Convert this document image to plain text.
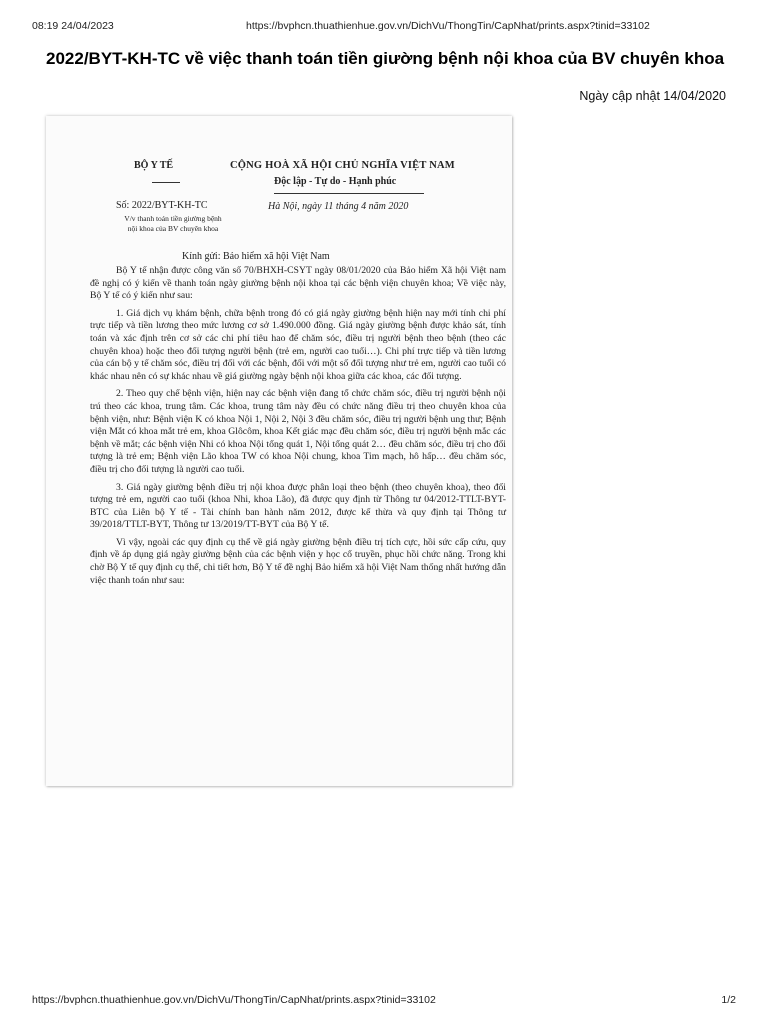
08:19 24/04/2023	https://bvphcn.thuathienhue.gov.vn/DichVu/ThongTin/CapNhat/prints.aspx?tinid=33102
2022/BYT-KH-TC về việc thanh toán tiền giường bệnh nội khoa của BV chuyên khoa
Ngày cập nhật 14/04/2020
BỘ Y TẾ	CỘNG HOÀ XÃ HỘI CHỦ NGHĨA VIỆT NAM
Độc lập - Tự do - Hạnh phúc
Số: 2022/BYT-KH-TC
V/v thanh toán tiền giường bệnh
nội khoa của BV chuyên khoa
Hà Nội, ngày 11 tháng 4 năm 2020
Kính gửi: Bảo hiểm xã hội Việt Nam

Bộ Y tế nhận được công văn số 70/BHXH-CSYT ngày 08/01/2020 của Bảo hiểm Xã hội Việt nam đề nghị có ý kiến về thanh toán ngày giường bệnh nội khoa tại các bệnh viện chuyên khoa; Về việc này, Bộ Y tế có ý kiến như sau:

1. Giá dịch vụ khám bệnh, chữa bệnh trong đó có giá ngày giường bệnh hiện nay mới tính chi phí trực tiếp và tiền lương theo mức lương cơ sở 1.490.000 đồng. Giá ngày giường bệnh được khảo sát, tính toán và xác định trên cơ sở các chi phí tiêu hao để chăm sóc, điều trị người bệnh theo bệnh (theo các chuyên khoa) hoặc theo đối tượng người bệnh (trẻ em, người cao tuổi…). Chi phí trực tiếp và tiền lương của cán bộ y tế chăm sóc, điều trị đối với các bệnh, đối với một số đối tượng như trẻ em, người cao tuổi có khác nhau nên có sự khác nhau về giá giường ngày bệnh nội khoa giữa các khoa, các đối tượng.

2. Theo quy chế bệnh viện, hiện nay các bệnh viện đang tổ chức chăm sóc, điều trị người bệnh nội trú theo các khoa, trung tâm. Các khoa, trung tâm này đều có chức năng điều trị theo chuyên khoa của bệnh viện, như: Bệnh viện K có khoa Nội 1, Nội 2, Nội 3 đều chăm sóc, điều trị người bệnh ung thư; Bệnh viện Mắt có khoa mắt trẻ em, khoa Glôcôm, khoa Kết giác mạc đều chăm sóc, điều trị người bệnh mắc các bệnh về mắt; các bệnh viện Nhi có khoa Nội tổng quát 1, Nội tổng quát 2… đều chăm sóc, điều trị cho đối tượng là trẻ em; Bệnh viện Lão khoa TW có khoa Nội chung, khoa Tim mạch, hô hấp… đều chăm sóc, điều trị cho đối tượng là người cao tuổi.

3. Giá ngày giường bệnh điều trị nội khoa được phân loại theo bệnh (theo chuyên khoa), theo đối tượng trẻ em, người cao tuổi (khoa Nhi, khoa Lão), đã được quy định từ Thông tư 04/2012-TTLT-BYT-BTC của Liên bộ Y tế - Tài chính ban hành năm 2012, được kế thừa và quy định tại Thông tư 39/2018/TTLT-BYT, Thông tư 13/2019/TT-BYT của Bộ Y tế.

Vì vậy, ngoài các quy định cụ thể về giá ngày giường bệnh điều trị tích cực, hồi sức cấp cứu, quy định về áp dụng giá ngày giường bệnh của các bệnh viện y học cổ truyền, phục hồi chức năng. Trong khi chờ Bộ Y tế quy định cụ thể, chi tiết hơn, Bộ Y tế đề nghị Bảo hiểm xã hội Việt Nam thống nhất hướng dẫn việc thanh toán như sau:

https://bvphcn.thuathienhue.gov.vn/DichVu/ThongTin/CapNhat/prints.aspx?tinid=33102	1/2
